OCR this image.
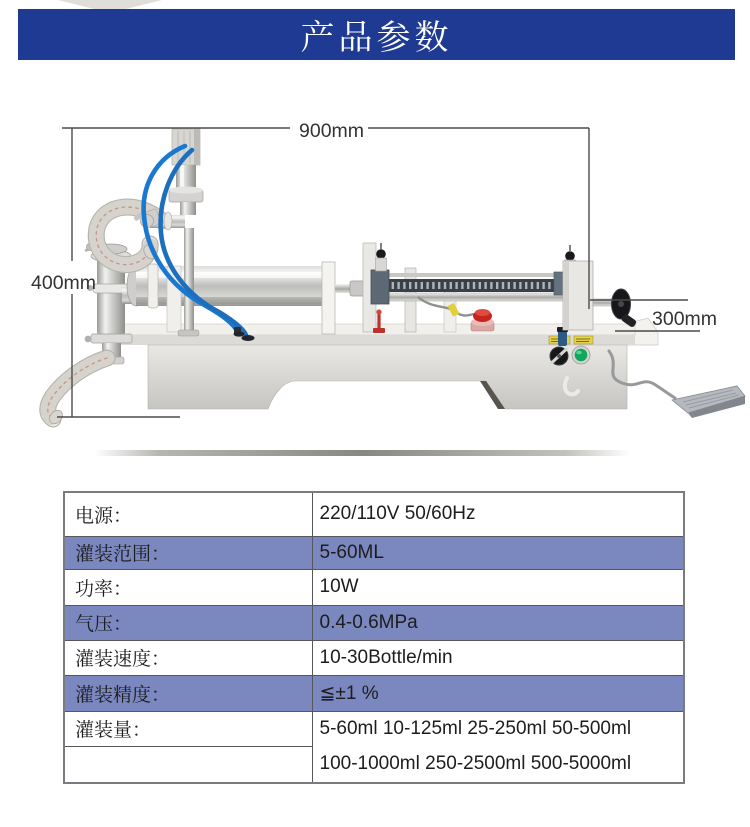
产品参数
900mm
400mm
300mm
电源：	220/110V 50/60Hz
灌装范围：	5-60ML
功率：	10W
气压：	0.4-0.6MPa
灌装速度：	10-30Bottle/min
灌装精度：	≦±1 %
灌装量：	5-60ml 10-125ml 25-250ml 50-500ml
100-1000ml 250-2500ml 500-5000ml
